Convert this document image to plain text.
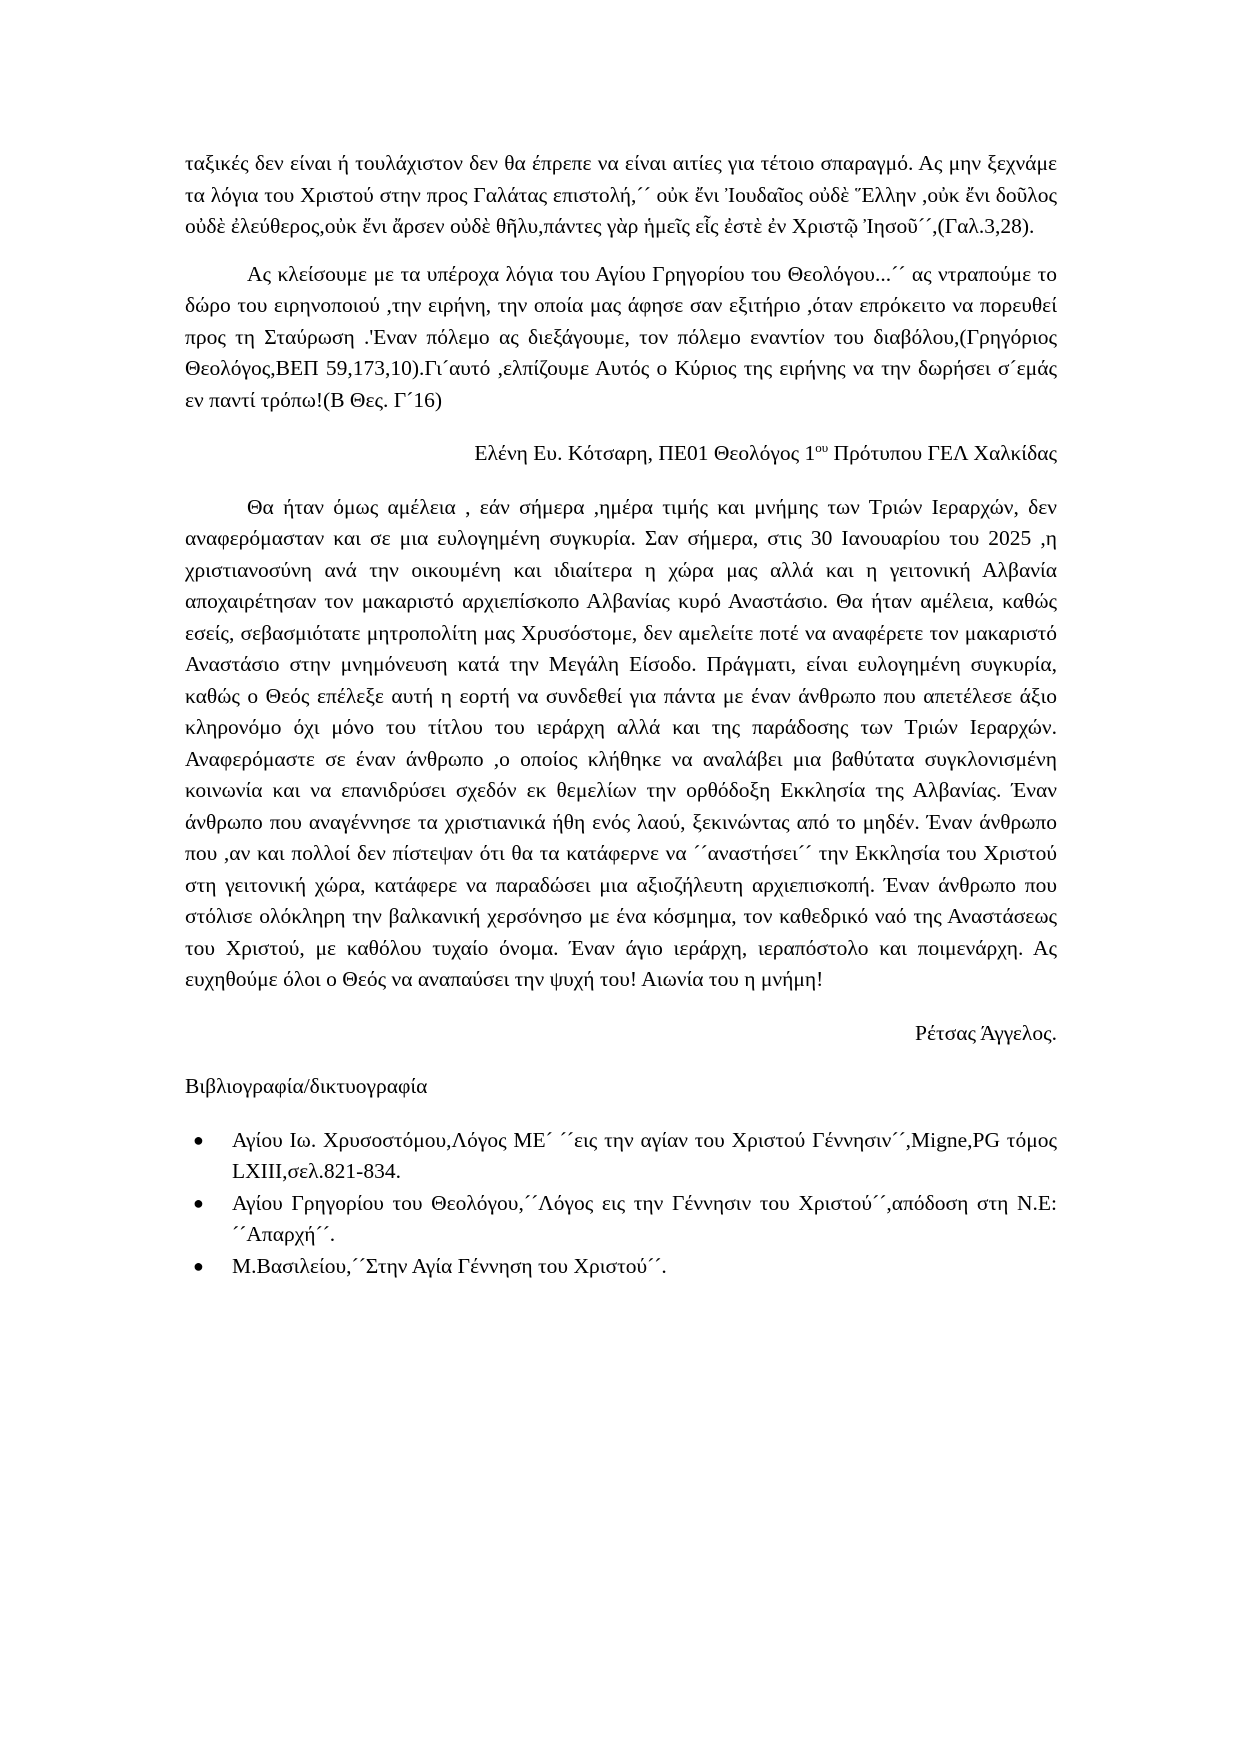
ταξικές δεν είναι ή τουλάχιστον δεν θα έπρεπε να είναι αιτίες για τέτοιο σπαραγμό. Ας μην ξεχνάμε τα λόγια του Χριστού στην προς Γαλάτας επιστολή,´´ οὐκ ἔνι Ἰουδαῖος οὐδὲ Ἕλλην ,οὐκ ἔνι δοῦλος οὐδὲ ἐλεύθερος,οὐκ ἔνι ἄρσεν οὐδὲ θῆλυ,πάντες γὰρ ἡμεῖς εἷς ἐστὲ ἐν Χριστῷ Ἰησοῦ´´,(Γαλ.3,28).

Ας κλείσουμε με τα υπέροχα λόγια του Αγίου Γρηγορίου του Θεολόγου...´´ ας ντραπούμε το δώρο του ειρηνοποιού ,την ειρήνη, την οποία μας άφησε σαν εξιτήριο ,όταν επρόκειτο να πορευθεί προς τη Σταύρωση .'Εναν πόλεμο ας διεξάγουμε, τον πόλεμο εναντίον του διαβόλου,(Γρηγόριος Θεολόγος,ΒΕΠ 59,173,10).Γι´αυτό ,ελπίζουμε Αυτός ο Κύριος της ειρήνης να την δωρήσει σ´εμάς εν παντί τρόπω!(Β Θες. Γ´16)

Ελένη Ευ. Κότσαρη, ΠΕ01 Θεολόγος $1^{o\upsilon}$ Πρότυπου ΓΕΛ Χαλκίδας

Θα ήταν όμως αμέλεια , εάν σήμερα ,ημέρα τιμής και μνήμης των Τριών Ιεραρχών, δεν αναφερόμασταν και σε μια ευλογημένη συγκυρία. Σαν σήμερα, στις 30 Ιανουαρίου του 2025 ,η χριστιανοσύνη ανά την οικουμένη και ιδιαίτερα η χώρα μας αλλά και η γειτονική Αλβανία αποχαιρέτησαν τον μακαριστό αρχιεπίσκοπο Αλβανίας κυρό Αναστάσιο. Θα ήταν αμέλεια, καθώς εσείς, σεβασμιότατε μητροπολίτη μας Χρυσόστομε, δεν αμελείτε ποτέ να αναφέρετε τον μακαριστό Αναστάσιο στην μνημόνευση κατά την Μεγάλη Είσοδο. Πράγματι, είναι ευλογημένη συγκυρία, καθώς ο Θεός επέλεξε αυτή η εορτή να συνδεθεί για πάντα με έναν άνθρωπο που απετέλεσε άξιο κληρονόμο όχι μόνο του τίτλου του ιεράρχη αλλά και της παράδοσης των Τριών Ιεραρχών. Αναφερόμαστε σε έναν άνθρωπο ,ο οποίος κλήθηκε να αναλάβει μια βαθύτατα συγκλονισμένη κοινωνία και να επανιδρύσει σχεδόν εκ θεμελίων την ορθόδοξη Εκκλησία της Αλβανίας. Έναν άνθρωπο που αναγέννησε τα χριστιανικά ήθη ενός λαού, ξεκινώντας από το μηδέν. Έναν άνθρωπο που ,αν και πολλοί δεν πίστεψαν ότι θα τα κατάφερνε να ´´αναστήσει´´ την Εκκλησία του Χριστού στη γειτονική χώρα, κατάφερε να παραδώσει μια αξιοζήλευτη αρχιεπισκοπή. Έναν άνθρωπο που στόλισε ολόκληρη την βαλκανική χερσόνησο με ένα κόσμημα, τον καθεδρικό ναό της Αναστάσεως του Χριστού, με καθόλου τυχαίο όνομα. Έναν άγιο ιεράρχη, ιεραπόστολο και ποιμενάρχη. Ας ευχηθούμε όλοι ο Θεός να αναπαύσει την ψυχή του! Αιωνία του η μνήμη!

Ρέτσας Άγγελος.

Βιβλιογραφία/δικτυογραφία

● Αγίου Ιω. Χρυσοστόμου,Λόγος ΜΕ´ ´´εις την αγίαν του Χριστού Γέννησιν´´,Migne,PG τόμος LXIII,σελ.821-834.
● Αγίου Γρηγορίου του Θεολόγου,´´Λόγος εις την Γέννησιν του Χριστού´´,απόδοση στη Ν.Ε:´´Απαρχή´´.
● Μ.Βασιλείου,´´Στην Αγία Γέννηση του Χριστού´´.
